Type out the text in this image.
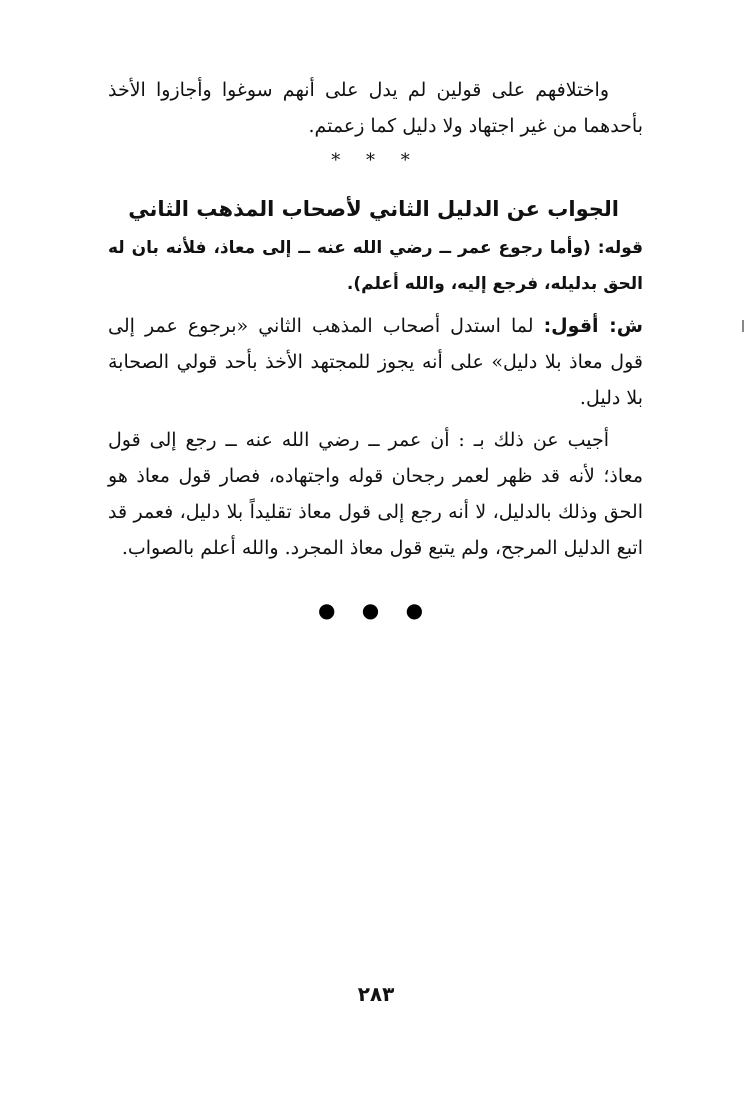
واختلافهم على قولين لم يدل على أنهم سوغوا وأجازوا الأخذ بأحدهما من غير اجتهاد ولا دليل كما زعمتم.

* * *
الجواب عن الدليل الثاني لأصحاب المذهب الثاني

قوله: (وأما رجوع عمر ــ رضي الله عنه ــ إلى معاذ، فلأنه بان له الحق بدليله، فرجع إليه، والله أعلم).

ش: أقول: لما استدل أصحاب المذهب الثاني «برجوع عمر إلى قول معاذ بلا دليل» على أنه يجوز للمجتهد الأخذ بأحد قولي الصحابة بلا دليل.

أجيب عن ذلك بـ : أن عمر ــ رضي الله عنه ــ رجع إلى قول معاذ؛ لأنه قد ظهر لعمر رجحان قوله واجتهاده، فصار قول معاذ هو الحق وذلك بالدليل، لا أنه رجع إلى قول معاذ تقليداً بلا دليل، فعمر قد اتبع الدليل المرجح، ولم يتبع قول معاذ المجرد. والله أعلم بالصواب.

● ● ●
٢٨٣
